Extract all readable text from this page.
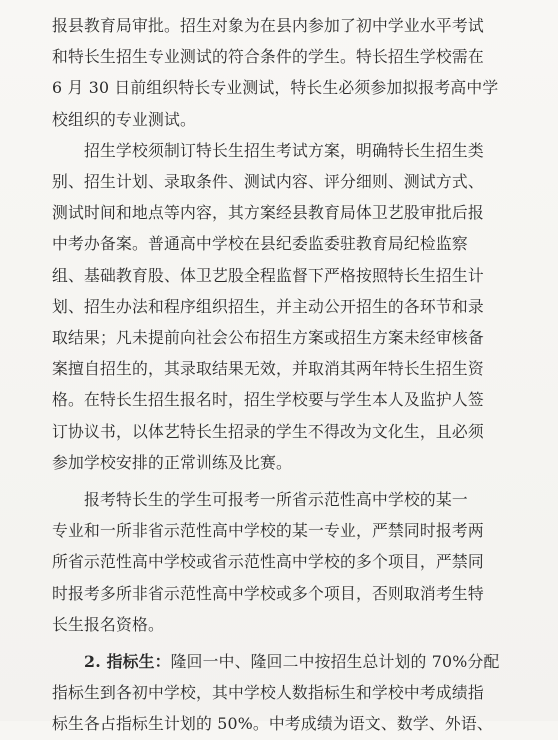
报县教育局审批。招生对象为在县内参加了初中学业水平考试
和特长生招生专业测试的符合条件的学生。特长招生学校需在
6 月 30 日前组织特长专业测试，特长生必须参加拟报考高中学
校组织的专业测试。

招生学校须制订特长生招生考试方案，明确特长生招生类
别、招生计划、录取条件、测试内容、评分细则、测试方式、
测试时间和地点等内容，其方案经县教育局体卫艺股审批后报
中考办备案。普通高中学校在县纪委监委驻教育局纪检监察
组、基础教育股、体卫艺股全程监督下严格按照特长生招生计
划、招生办法和程序组织招生，并主动公开招生的各环节和录
取结果；凡未提前向社会公布招生方案或招生方案未经审核备
案擅自招生的，其录取结果无效，并取消其两年特长生招生资
格。在特长生招生报名时，招生学校要与学生本人及监护人签
订协议书，以体艺特长生招录的学生不得改为文化生，且必须
参加学校安排的正常训练及比赛。

报考特长生的学生可报考一所省示范性高中学校的某一
专业和一所非省示范性高中学校的某一专业，严禁同时报考两
所省示范性高中学校或省示范性高中学校的多个项目，严禁同
时报考多所非省示范性高中学校或多个项目，否则取消考生特
长生报名资格。

2. 指标生：隆回一中、隆回二中按招生总计划的 70%分配
指标生到各初中学校，其中学校人数指标生和学校中考成绩指
标生各占指标生计划的 50%。中考成绩为语文、数学、外语、
